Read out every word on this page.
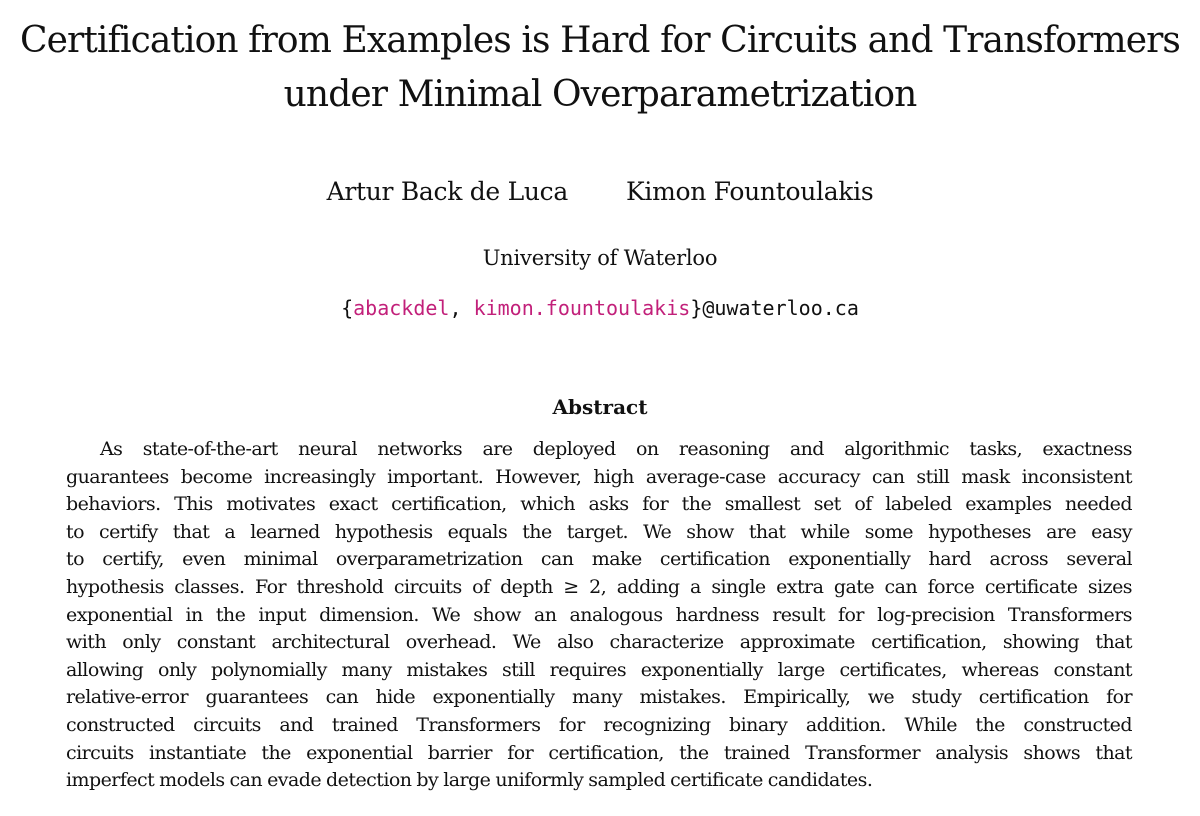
Certification from Examples is Hard for Circuits and Transformers
under Minimal Overparametrization
Artur Back de Luca Kimon Fountoulakis
University of Waterloo
{abackdel, kimon.fountoulakis}@uwaterloo.ca
Abstract
As state-of-the-art neural networks are deployed on reasoning and algorithmic tasks, exactness
guarantees become increasingly important. However, high average-case accuracy can still mask inconsistent
behaviors. This motivates exact certification, which asks for the smallest set of labeled examples needed
to certify that a learned hypothesis equals the target. We show that while some hypotheses are easy
to certify, even minimal overparametrization can make certification exponentially hard across several
hypothesis classes. For threshold circuits of depth ≥ 2, adding a single extra gate can force certificate sizes
exponential in the input dimension. We show an analogous hardness result for log-precision Transformers
with only constant architectural overhead. We also characterize approximate certification, showing that
allowing only polynomially many mistakes still requires exponentially large certificates, whereas constant
relative-error guarantees can hide exponentially many mistakes. Empirically, we study certification for
constructed circuits and trained Transformers for recognizing binary addition. While the constructed
circuits instantiate the exponential barrier for certification, the trained Transformer analysis shows that
imperfect models can evade detection by large uniformly sampled certificate candidates.
